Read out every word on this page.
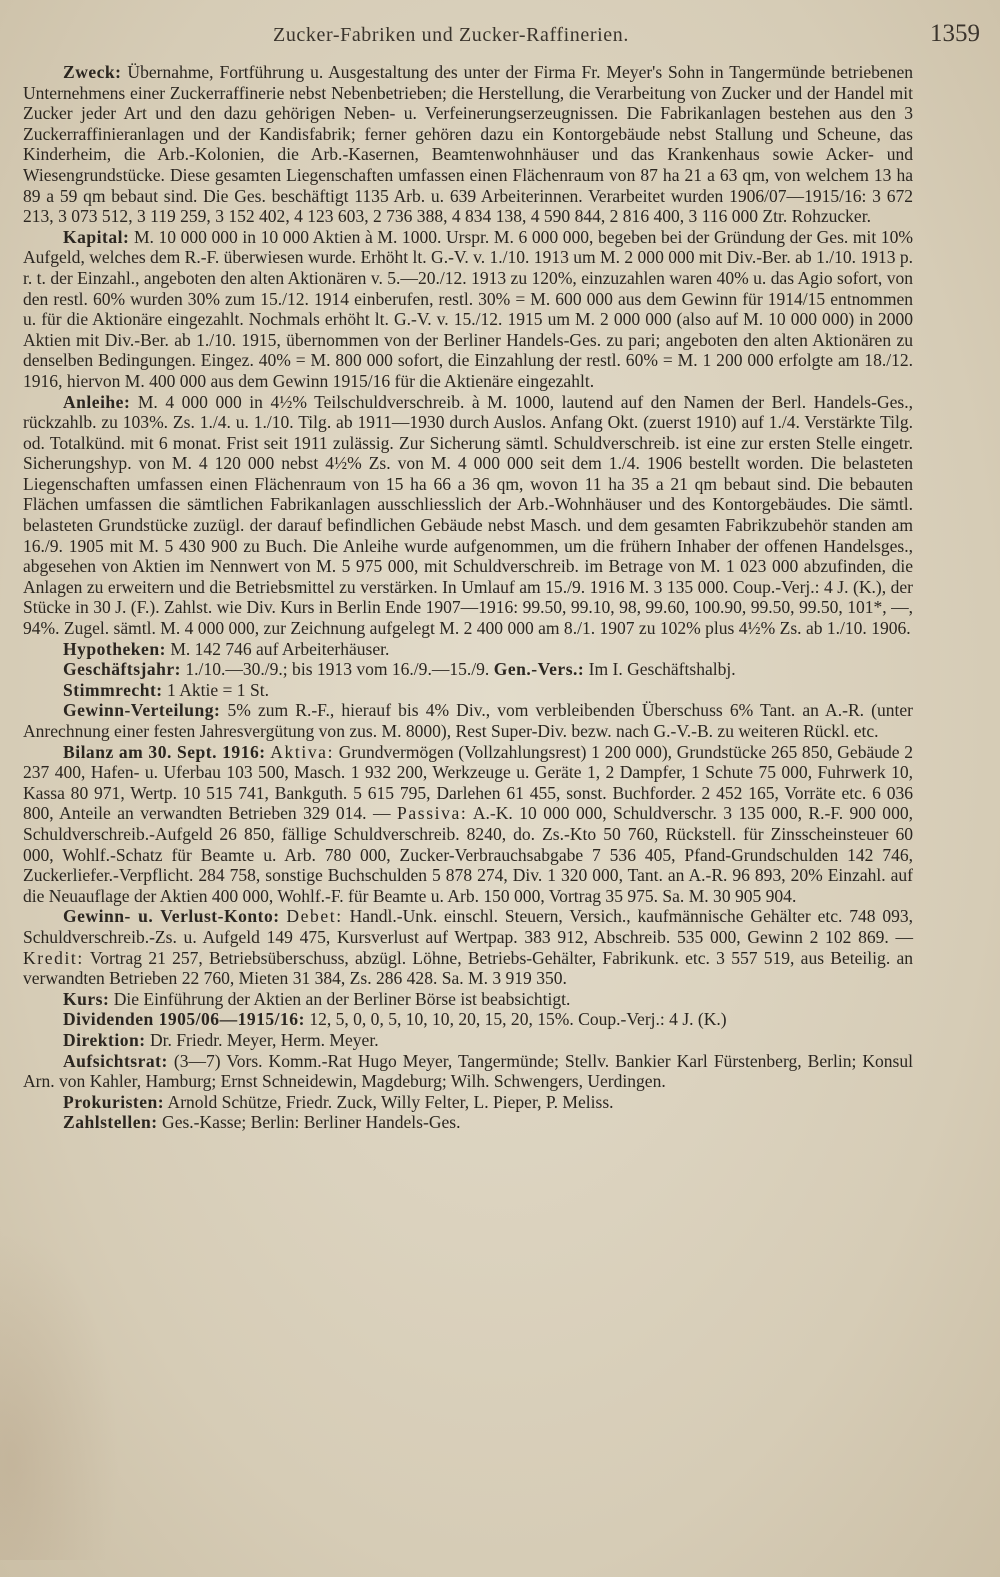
Zucker-Fabriken und Zucker-Raffinerien.	1359

Zweck: Übernahme, Fortführung u. Ausgestaltung des unter der Firma Fr. Meyer's Sohn in Tangermünde betriebenen Unternehmens einer Zuckerraffinerie nebst Nebenbetrieben; die Herstellung, die Verarbeitung von Zucker und der Handel mit Zucker jeder Art und den dazu gehörigen Neben- u. Verfeinerungserzeugnissen. Die Fabrikanlagen bestehen aus den 3 Zuckerraffinieranlagen und der Kandisfabrik; ferner gehören dazu ein Kontorgebäude nebst Stallung und Scheune, das Kinderheim, die Arb.-Kolonien, die Arb.-Kasernen, Beamtenwohnhäuser und das Krankenhaus sowie Acker- und Wiesengrundstücke. Diese gesamten Liegenschaften umfassen einen Flächenraum von 87 ha 21 a 63 qm, von welchem 13 ha 89 a 59 qm bebaut sind. Die Ges. beschäftigt 1135 Arb. u. 639 Arbeiterinnen. Verarbeitet wurden 1906/07—1915/16: 3 672 213, 3 073 512, 3 119 259, 3 152 402, 4 123 603, 2 736 388, 4 834 138, 4 590 844, 2 816 400, 3 116 000 Ztr. Rohzucker.

Kapital: M. 10 000 000 in 10 000 Aktien à M. 1000. Urspr. M. 6 000 000, begeben bei der Gründung der Ges. mit 10% Aufgeld, welches dem R.-F. überwiesen wurde. Erhöht lt. G.-V. v. 1./10. 1913 um M. 2 000 000 mit Div.-Ber. ab 1./10. 1913 p. r. t. der Einzahl., angeboten den alten Aktionären v. 5.—20./12. 1913 zu 120%, einzuzahlen waren 40% u. das Agio sofort, von den restl. 60% wurden 30% zum 15./12. 1914 einberufen, restl. 30% = M. 600 000 aus dem Gewinn für 1914/15 entnommen u. für die Aktionäre eingezahlt. Nochmals erhöht lt. G.-V. v. 15./12. 1915 um M. 2 000 000 (also auf M. 10 000 000) in 2000 Aktien mit Div.-Ber. ab 1./10. 1915, übernommen von der Berliner Handels-Ges. zu pari; angeboten den alten Aktionären zu denselben Bedingungen. Eingez. 40% = M. 800 000 sofort, die Einzahlung der restl. 60% = M. 1 200 000 erfolgte am 18./12. 1916, hiervon M. 400 000 aus dem Gewinn 1915/16 für die Aktienäre eingezahlt.

Anleihe: M. 4 000 000 in 4½% Teilschuldverschreib. à M. 1000, lautend auf den Namen der Berl. Handels-Ges., rückzahlb. zu 103%. Zs. 1./4. u. 1./10. Tilg. ab 1911—1930 durch Auslos. Anfang Okt. (zuerst 1910) auf 1./4. Verstärkte Tilg. od. Totalkünd. mit 6 monat. Frist seit 1911 zulässig. Zur Sicherung sämtl. Schuldverschreib. ist eine zur ersten Stelle eingetr. Sicherungshyp. von M. 4 120 000 nebst 4½% Zs. von M. 4 000 000 seit dem 1./4. 1906 bestellt worden. Die belasteten Liegenschaften umfassen einen Flächenraum von 15 ha 66 a 36 qm, wovon 11 ha 35 a 21 qm bebaut sind. Die bebauten Flächen umfassen die sämtlichen Fabrikanlagen ausschliesslich der Arb.-Wohnhäuser und des Kontorgebäudes. Die sämtl. belasteten Grundstücke zuzügl. der darauf befindlichen Gebäude nebst Masch. und dem gesamten Fabrikzubehör standen am 16./9. 1905 mit M. 5 430 900 zu Buch. Die Anleihe wurde aufgenommen, um die frühern Inhaber der offenen Handelsges., abgesehen von Aktien im Nennwert von M. 5 975 000, mit Schuldverschreib. im Betrage von M. 1 023 000 abzufinden, die Anlagen zu erweitern und die Betriebsmittel zu verstärken. In Umlauf am 15./9. 1916 M. 3 135 000. Coup.-Verj.: 4 J. (K.), der Stücke in 30 J. (F.). Zahlst. wie Div. Kurs in Berlin Ende 1907—1916: 99.50, 99.10, 98, 99.60, 100.90, 99.50, 99.50, 101*, —, 94%. Zugel. sämtl. M. 4 000 000, zur Zeichnung aufgelegt M. 2 400 000 am 8./1. 1907 zu 102% plus 4½% Zs. ab 1./10. 1906.

Hypotheken: M. 142 746 auf Arbeiterhäuser.

Geschäftsjahr: 1./10.—30./9.; bis 1913 vom 16./9.—15./9. Gen.-Vers.: Im I. Geschäftshalbj.

Stimmrecht: 1 Aktie = 1 St.

Gewinn-Verteilung: 5% zum R.-F., hierauf bis 4% Div., vom verbleibenden Überschuss 6% Tant. an A.-R. (unter Anrechnung einer festen Jahresvergütung von zus. M. 8000), Rest Super-Div. bezw. nach G.-V.-B. zu weiteren Rückl. etc.

Bilanz am 30. Sept. 1916: Aktiva: Grundvermögen (Vollzahlungsrest) 1 200 000), Grundstücke 265 850, Gebäude 2 237 400, Hafen- u. Uferbau 103 500, Masch. 1 932 200, Werkzeuge u. Geräte 1, 2 Dampfer, 1 Schute 75 000, Fuhrwerk 10, Kassa 80 971, Wertp. 10 515 741, Bankguth. 5 615 795, Darlehen 61 455, sonst. Buchforder. 2 452 165, Vorräte etc. 6 036 800, Anteile an verwandten Betrieben 329 014. — Passiva: A.-K. 10 000 000, Schuldverschr. 3 135 000, R.-F. 900 000, Schuldverschreib.-Aufgeld 26 850, fällige Schuldverschreib. 8240, do. Zs.-Kto 50 760, Rückstell. für Zinsscheinsteuer 60 000, Wohlf.-Schatz für Beamte u. Arb. 780 000, Zucker-Verbrauchsabgabe 7 536 405, Pfand-Grundschulden 142 746, Zuckerliefer.-Verpflicht. 284 758, sonstige Buchschulden 5 878 274, Div. 1 320 000, Tant. an A.-R. 96 893, 20% Einzahl. auf die Neuauflage der Aktien 400 000, Wohlf.-F. für Beamte u. Arb. 150 000, Vortrag 35 975. Sa. M. 30 905 904.

Gewinn- u. Verlust-Konto: Debet: Handl.-Unk. einschl. Steuern, Versich., kaufmännische Gehälter etc. 748 093, Schuldverschreib.-Zs. u. Aufgeld 149 475, Kursverlust auf Wertpap. 383 912, Abschreib. 535 000, Gewinn 2 102 869. — Kredit: Vortrag 21 257, Betriebsüberschuss, abzügl. Löhne, Betriebs-Gehälter, Fabrikunk. etc. 3 557 519, aus Beteilig. an verwandten Betrieben 22 760, Mieten 31 384, Zs. 286 428. Sa. M. 3 919 350.

Kurs: Die Einführung der Aktien an der Berliner Börse ist beabsichtigt.

Dividenden 1905/06—1915/16: 12, 5, 0, 0, 5, 10, 10, 20, 15, 20, 15%. Coup.-Verj.: 4 J. (K.)

Direktion: Dr. Friedr. Meyer, Herm. Meyer.

Aufsichtsrat: (3—7) Vors. Komm.-Rat Hugo Meyer, Tangermünde; Stellv. Bankier Karl Fürstenberg, Berlin; Konsul Arn. von Kahler, Hamburg; Ernst Schneidewin, Magdeburg; Wilh. Schwengers, Uerdingen.

Prokuristen: Arnold Schütze, Friedr. Zuck, Willy Felter, L. Pieper, P. Meliss.

Zahlstellen: Ges.-Kasse; Berlin: Berliner Handels-Ges.
